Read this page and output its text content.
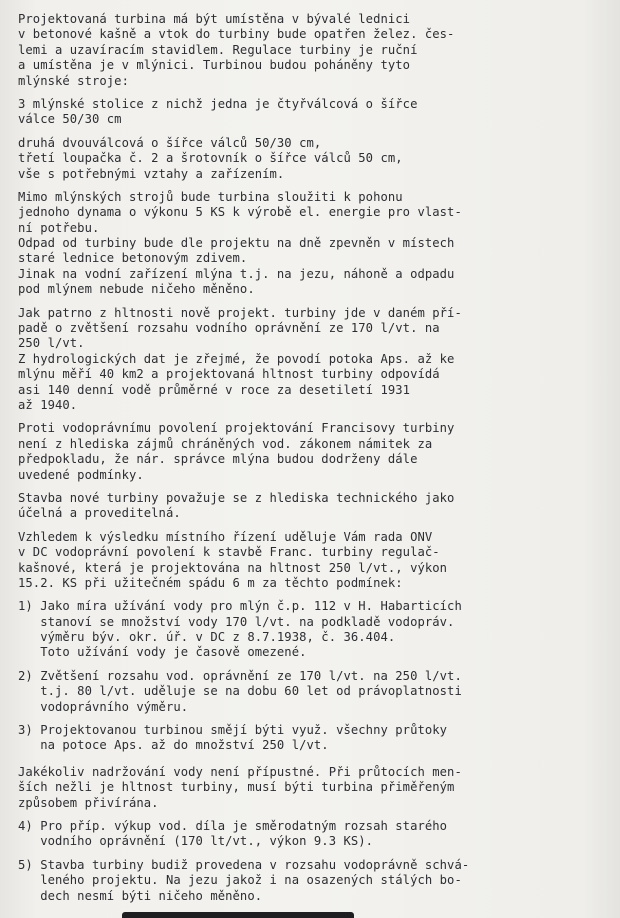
Projektovaná turbina má být umístěna v bývalé lednici
v betonové kašně a vtok do turbiny bude opatřen želez. čes-
lemi a uzavíracím stavidlem. Regulace turbiny je ruční
a umístěna je v mlýnici. Turbinou budou poháněny tyto
mlýnské stroje:
3 mlýnské stolice z nichž jedna je čtyřválcová o šířce
válce 50/30 cm
druhá dvouválcová o šířce válců 50/30 cm,
třetí loupačka č. 2 a šrotovník o šířce válců 50 cm,
vše s potřebnými vztahy a zařízením.
Mimo mlýnských strojů bude turbina sloužiti k pohonu
jednoho dynama o výkonu 5 KS k výrobě el. energie pro vlast-
ní potřebu.
Odpad od turbiny bude dle projektu na dně zpevněn v místech
staré lednice betonovým zdivem.
Jinak na vodní zařízení mlýna t.j. na jezu, náhoně a odpadu
pod mlýnem nebude ničeho měněno.
Jak patrno z hltnosti nově projekt. turbiny jde v daném pří-
padě o zvětšení rozsahu vodního oprávnění ze 170 l/vt. na
250 l/vt.
Z hydrologických dat je zřejmé, že povodí potoka Aps. až ke
mlýnu měří 40 km2 a projektovaná hltnost turbiny odpovídá
asi 140 denní vodě průměrné v roce za desetiletí 1931
až 1940.
Proti vodoprávnímu povolení projektování Francisovy turbiny
není z hlediska zájmů chráněných vod. zákonem námitek za
předpokladu, že nár. správce mlýna budou dodrženy dále
uvedené podmínky.
Stavba nové turbiny považuje se z hlediska technického jako
účelná a proveditelná.
Vzhledem k výsledku místního řízení uděluje Vám rada ONV
v DC vodoprávní povolení k stavbě Franc. turbiny regulač-
kašnové, která je projektována na hltnost 250 l/vt., výkon
15.2. KS při užitečném spádu 6 m za těchto podmínek:
1) Jako míra užívání vody pro mlýn č.p. 112 v H. Habarticích
stanoví se množství vody 170 l/vt. na podkladě vodopráv.
výměru býv. okr. úř. v DC z 8.7.1938, č. 36.404.
Toto užívání vody je časově omezené.
2) Zvětšení rozsahu vod. oprávnění ze 170 l/vt. na 250 l/vt.
t.j. 80 l/vt. uděluje se na dobu 60 let od právoplatnosti
vodoprávního výměru.
3) Projektovanou turbinou smějí býti využ. všechny průtoky
na potoce Aps. až do množství 250 l/vt.
Jakékoliv nadržování vody není přípustné. Při průtocích men-
ších nežli je hltnost turbiny, musí býti turbina přiměřeným
způsobem přivírána.
4) Pro příp. výkup vod. díla je směrodatným rozsah starého
vodního oprávnění (170 lt/vt., výkon 9.3 KS).
5) Stavba turbiny budiž provedena v rozsahu vodoprávně schvá-
leného projektu. Na jezu jakož i na osazených stálých bo-
dech nesmí býti ničeho měněno.
